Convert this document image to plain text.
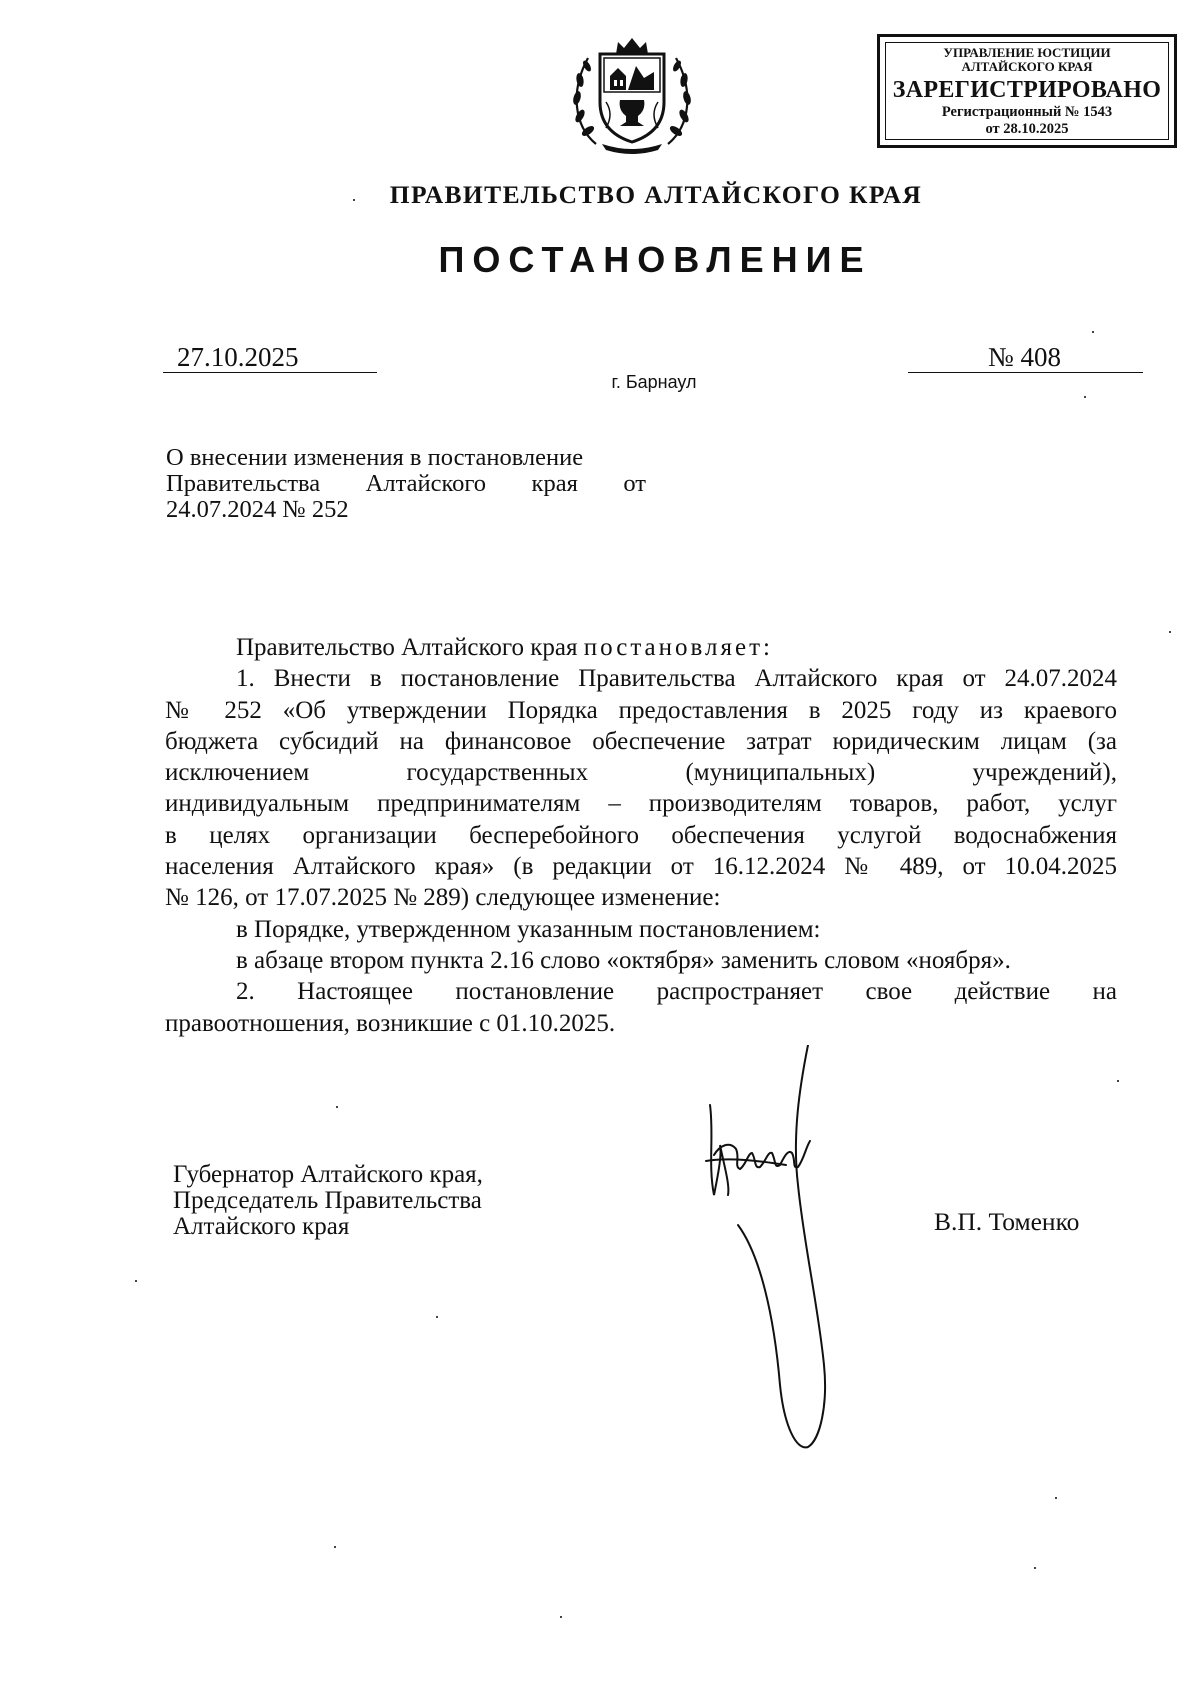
УПРАВЛЕНИЕ ЮСТИЦИИ
АЛТАЙСКОГО КРАЯ
ЗАРЕГИСТРИРОВАНО
Регистрационный № 1543
от 28.10.2025
ПРАВИТЕЛЬСТВО АЛТАЙСКОГО КРАЯ
ПОСТАНОВЛЕНИЕ
27.10.2025	№ 408
г. Барнаул
О внесении изменения в постановление
Правительства Алтайского края от
24.07.2024 № 252
Правительство Алтайского края постановляет:
1. Внести в постановление Правительства Алтайского края от 24.07.2024
№ 252 «Об утверждении Порядка предоставления в 2025 году из краевого
бюджета субсидий на финансовое обеспечение затрат юридическим лицам (за
исключением государственных (муниципальных) учреждений),
индивидуальным предпринимателям – производителям товаров, работ, услуг
в целях организации бесперебойного обеспечения услугой водоснабжения
населения Алтайского края» (в редакции от 16.12.2024 № 489, от 10.04.2025
№ 126, от 17.07.2025 № 289) следующее изменение:
в Порядке, утвержденном указанным постановлением:
в абзаце втором пункта 2.16 слово «октября» заменить словом «ноября».
2. Настоящее постановление распространяет свое действие на
правоотношения, возникшие с 01.10.2025.
Губернатор Алтайского края,
Председатель Правительства
Алтайского края	В.П. Томенко
